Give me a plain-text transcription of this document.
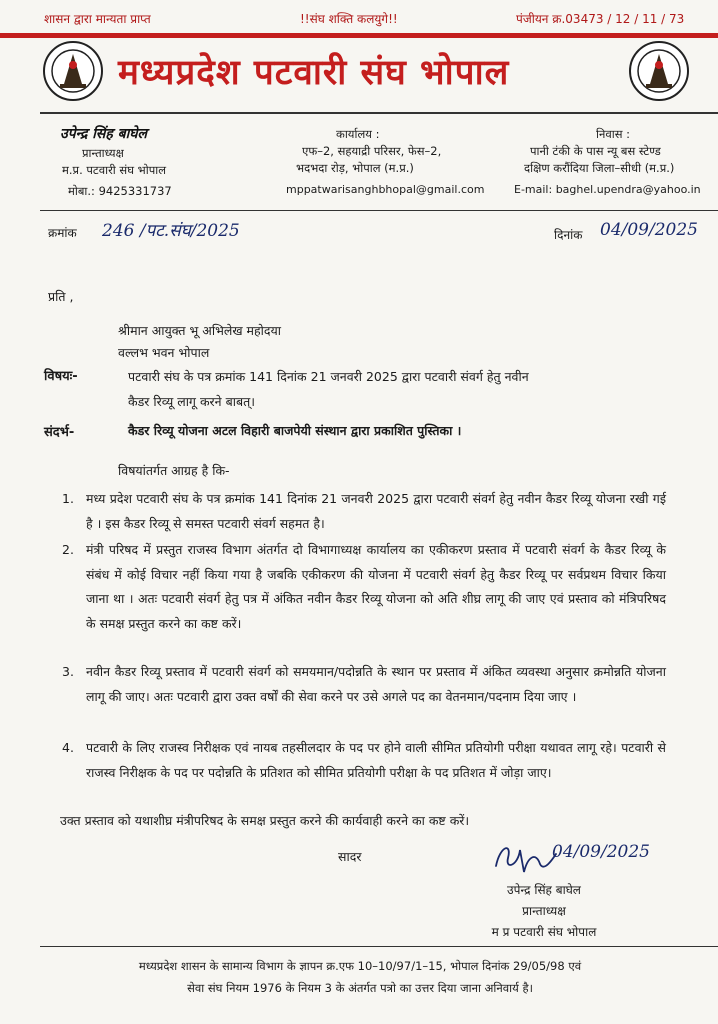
शासन द्वारा मान्यता प्राप्त	!!संघ शक्ति कलयुगे!!	पंजीयन क्र.03473 / 12 / 11 / 73
मध्यप्रदेश पटवारी संघ भोपाल
उपेन्द्र सिंह बाघेल
प्रान्ताध्यक्ष
म.प्र. पटवारी संघ भोपाल
मोबा.: 9425331737
कार्यालय :
एफ–2, सहयाद्री परिसर, फेस–2,
भदभदा रोड़, भोपाल (म.प्र.)
mppatwarisanghbhopal@gmail.com
निवास :
पानी टंकी के पास न्यू बस स्टेण्ड
दक्षिण करौंदिया जिला–सीधी (म.प्र.)
E-mail: baghel.upendra@yahoo.in
क्रमांक 246 /पट.संघ/2025	दिनांक 04/09/2025
प्रति ,
श्रीमान आयुक्त भू अभिलेख महोदया
वल्लभ भवन भोपाल
विषयः-	पटवारी संघ के पत्र क्रमांक 141 दिनांक 21 जनवरी 2025 द्वारा पटवारी संवर्ग हेतु नवीन
कैडर रिव्यू लागू करने बाबत्।
संदर्भ-	कैडर रिव्यू योजना अटल विहारी बाजपेयी संस्थान द्वारा प्रकाशित पुस्तिका ।
विषयांतर्गत आग्रह है कि-
1. मध्य प्रदेश पटवारी संघ के पत्र क्रमांक 141 दिनांक 21 जनवरी 2025 द्वारा पटवारी संवर्ग हेतु नवीन कैडर रिव्यू योजना रखी गई है । इस कैडर रिव्यू से समस्त पटवारी संवर्ग सहमत है।
2. मंत्री परिषद में प्रस्तुत राजस्व विभाग अंतर्गत दो विभागाध्यक्ष कार्यालय का एकीकरण प्रस्ताव में पटवारी संवर्ग के कैडर रिव्यू के संबंध में कोई विचार नहीं किया गया है जबकि एकीकरण की योजना में पटवारी संवर्ग हेतु कैडर रिव्यू पर सर्वप्रथम विचार किया जाना था । अतः पटवारी संवर्ग हेतु पत्र में अंकित नवीन कैडर रिव्यू योजना को अति शीघ्र लागू की जाए एवं प्रस्ताव को मंत्रिपरिषद के समक्ष प्रस्तुत करने का कष्ट करें।
3. नवीन कैडर रिव्यू प्रस्ताव में पटवारी संवर्ग को समयमान/पदोन्नति के स्थान पर प्रस्ताव में अंकित व्यवस्था अनुसार क्रमोन्नति योजना लागू की जाए। अतः पटवारी द्वारा उक्त वर्षों की सेवा करने पर उसे अगले पद का वेतनमान/पदनाम दिया जाए ।
4. पटवारी के लिए राजस्व निरीक्षक एवं नायब तहसीलदार के पद पर होने वाली सीमित प्रतियोगी परीक्षा यथावत लागू रहे। पटवारी से राजस्व निरीक्षक के पद पर पदोन्नति के प्रतिशत को सीमित प्रतियोगी परीक्षा के पद प्रतिशत में जोड़ा जाए।
उक्त प्रस्ताव को यथाशीघ्र मंत्रीपरिषद के समक्ष प्रस्तुत करने की कार्यवाही करने का कष्ट करें।
सादर	04/09/2025
उपेन्द्र सिंह बाघेल
प्रान्ताध्यक्ष
म प्र पटवारी संघ भोपाल
मध्यप्रदेश शासन के सामान्य विभाग के ज्ञापन क्र.एफ 10–10/97/1–15, भोपाल दिनांक 29/05/98 एवं
सेवा संघ नियम 1976 के नियम 3 के अंतर्गत पत्रो का उत्तर दिया जाना अनिवार्य है।
